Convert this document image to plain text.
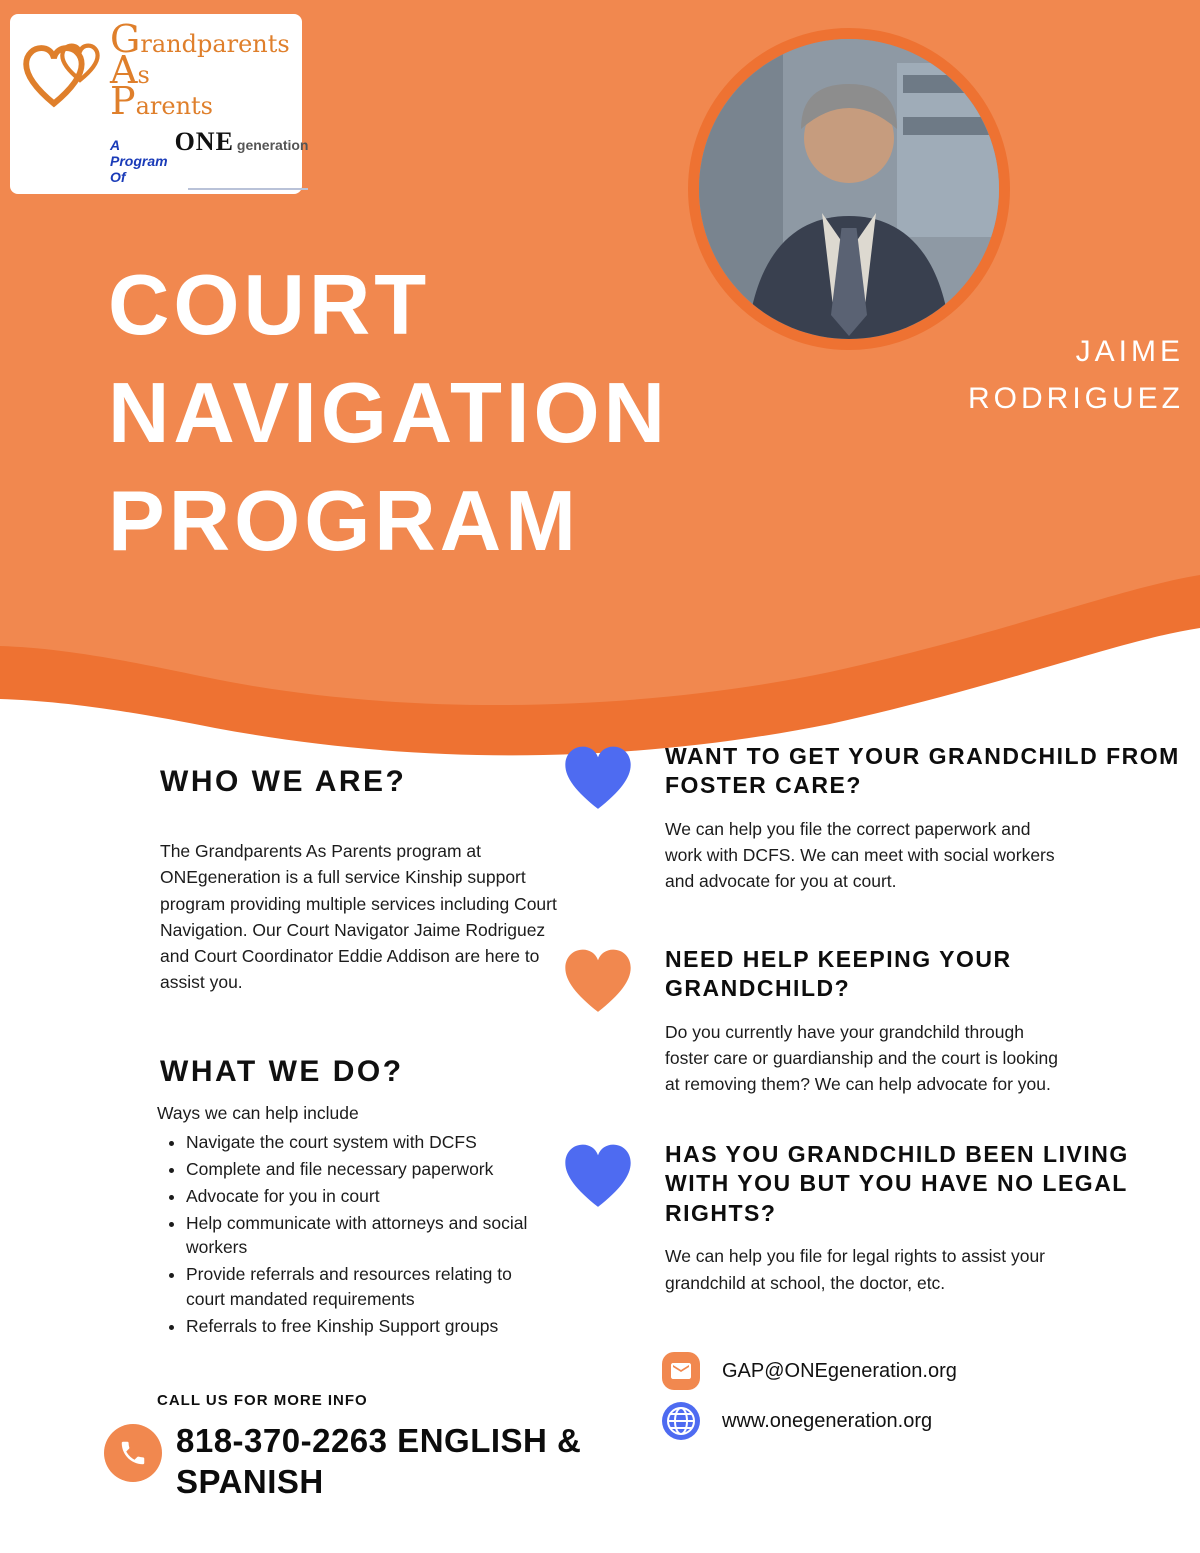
Grandparents
As
Parents
A Program Of
ONE generation
JAIME
RODRIGUEZ
COURT
NAVIGATION
PROGRAM
WHO WE ARE?

The Grandparents As Parents program at ONEgeneration is a full service Kinship support program providing multiple services including Court Navigation. Our Court Navigator Jaime Rodriguez and Court Coordinator Eddie Addison are here to assist you.

WHAT WE DO?

Ways we can help include

• Navigate the court system with DCFS
• Complete and file necessary paperwork
• Advocate for you in court
• Help communicate with attorneys and social workers
• Provide referrals and resources relating to court mandated requirements
• Referrals to free Kinship Support groups
CALL US FOR MORE INFO
818-370-2263 ENGLISH & SPANISH
WANT TO GET YOUR GRANDCHILD FROM FOSTER CARE?

We can help you file the correct paperwork and work with DCFS. We can meet with social workers and advocate for you at court.

NEED HELP KEEPING YOUR GRANDCHILD?

Do you currently have your grandchild through foster care or guardianship and the court is looking at removing them? We can help advocate for you.

HAS YOU GRANDCHILD BEEN LIVING WITH YOU BUT YOU HAVE NO LEGAL RIGHTS?

We can help you file for legal rights to assist your grandchild at school, the doctor, etc.

GAP@ONEgeneration.org
www.onegeneration.org
